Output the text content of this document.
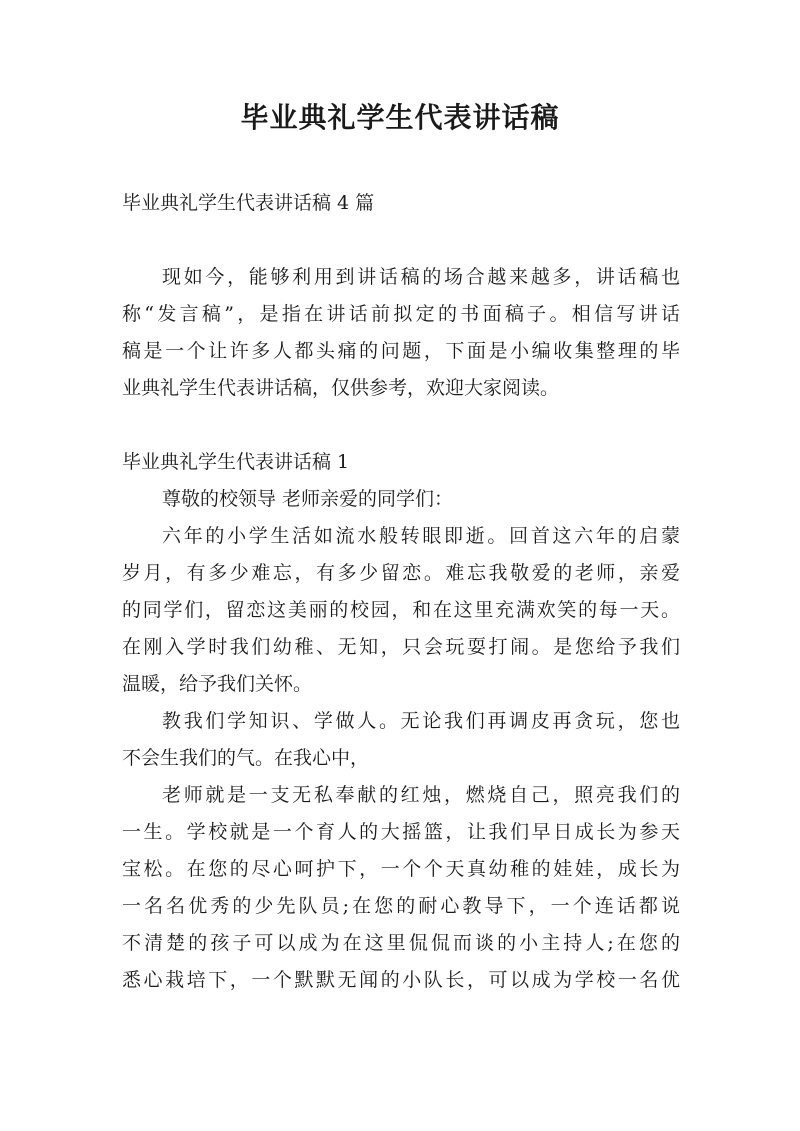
毕业典礼学生代表讲话稿
毕业典礼学生代表讲话稿 4 篇
现如今，能够利用到讲话稿的场合越来越多，讲话稿也
称“发言稿”，是指在讲话前拟定的书面稿子。相信写讲话
稿是一个让许多人都头痛的问题，下面是小编收集整理的毕
业典礼学生代表讲话稿，仅供参考，欢迎大家阅读。
毕业典礼学生代表讲话稿 1
尊敬的校领导 老师亲爱的同学们：
六年的小学生活如流水般转眼即逝。回首这六年的启蒙
岁月，有多少难忘，有多少留恋。难忘我敬爱的老师，亲爱
的同学们，留恋这美丽的校园，和在这里充满欢笑的每一天。
在刚入学时我们幼稚、无知，只会玩耍打闹。是您给予我们
温暖，给予我们关怀。
教我们学知识、学做人。无论我们再调皮再贪玩，您也
不会生我们的气。在我心中，
老师就是一支无私奉献的红烛，燃烧自己，照亮我们的
一生。学校就是一个育人的大摇篮，让我们早日成长为参天
宝松。在您的尽心呵护下，一个个天真幼稚的娃娃，成长为
一名名优秀的少先队员;在您的耐心教导下，一个连话都说
不清楚的孩子可以成为在这里侃侃而谈的小主持人;在您的
悉心栽培下，一个默默无闻的小队长，可以成为学校一名优
